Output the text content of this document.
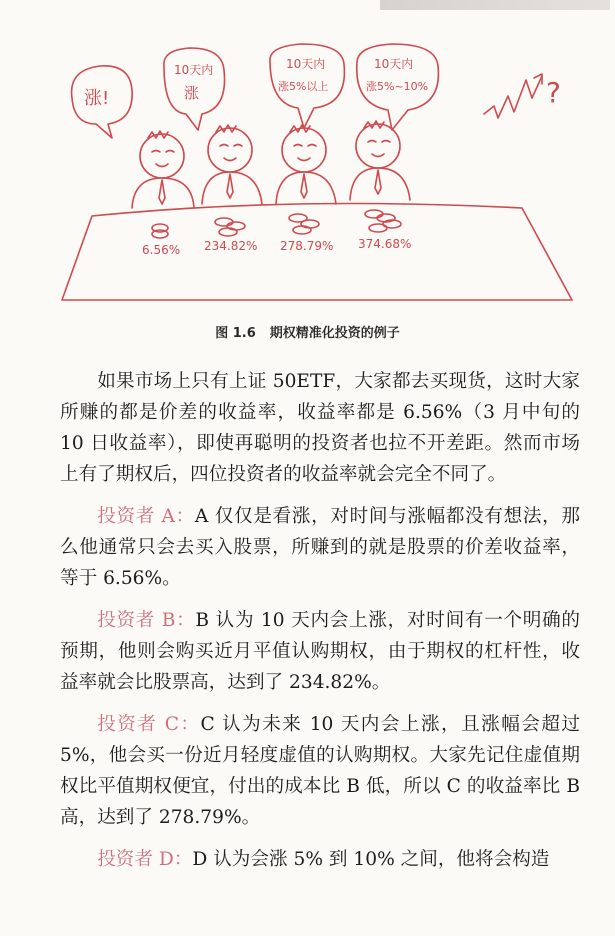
涨!
10天内
涨
10天内
涨5%以上
10天内
涨5%~10%	?
6.56% 234.82% 278.79% 374.68%
图 1.6 期权精准化投资的例子

如果市场上只有上证 50ETF，大家都去买现货，这时大家所赚的都是价差的收益率，收益率都是 6.56%（3 月中旬的 10 日收益率），即使再聪明的投资者也拉不开差距。然而市场上有了期权后，四位投资者的收益率就会完全不同了。

投资者 A：A 仅仅是看涨，对时间与涨幅都没有想法，那么他通常只会去买入股票，所赚到的就是股票的价差收益率，等于 6.56%。

投资者 B：B 认为 10 天内会上涨，对时间有一个明确的预期，他则会购买近月平值认购期权，由于期权的杠杆性，收益率就会比股票高，达到了 234.82%。

投资者 C：C 认为未来 10 天内会上涨，且涨幅会超过 5%，他会买一份近月轻度虚值的认购期权。大家先记住虚值期权比平值期权便宜，付出的成本比 B 低，所以 C 的收益率比 B 高，达到了 278.79%。

投资者 D：D 认为会涨 5% 到 10% 之间，他将会构造
